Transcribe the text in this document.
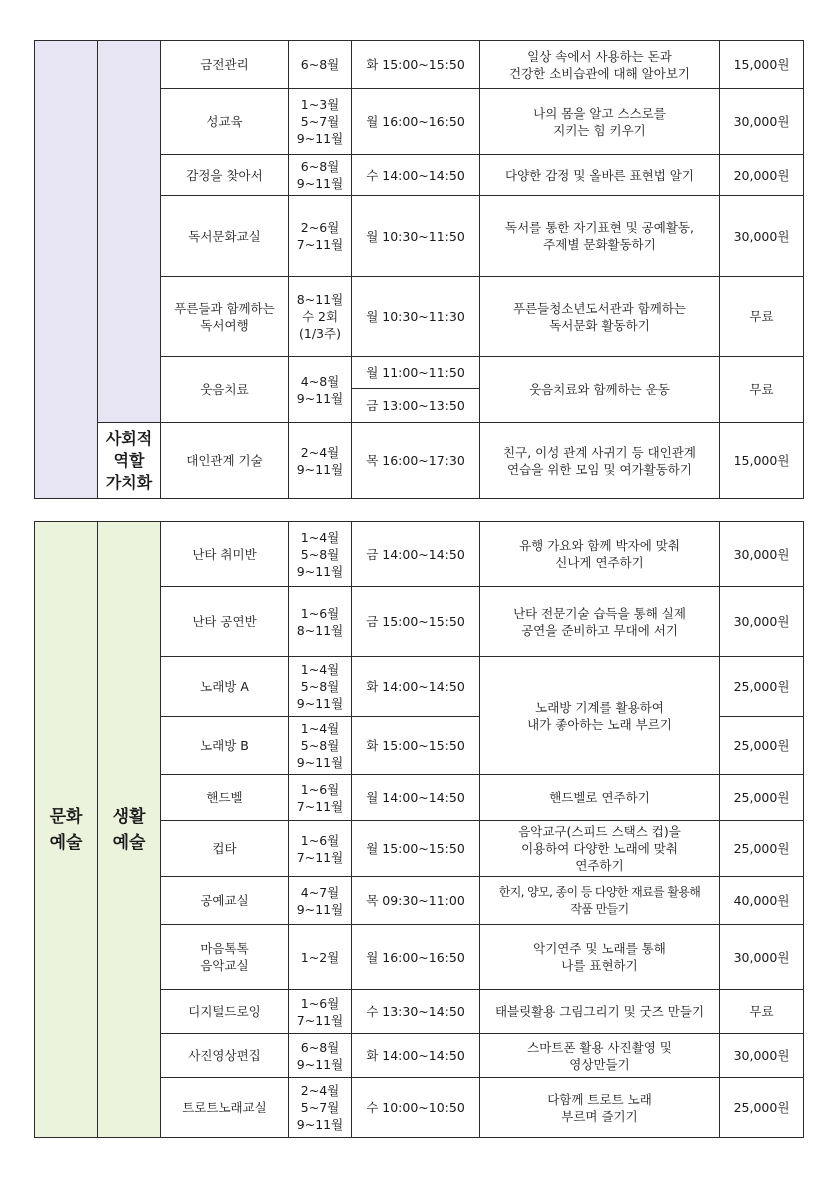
		금전관리	6~8월	화 15:00~15:50	일상 속에서 사용하는 돈과
건강한 소비습관에 대해 알아보기	15,000원
		성교육	1~3월
5~7월
9~11월	월 16:00~16:50	나의 몸을 알고 스스로를
지키는 힘 키우기	30,000원
		감정을 찾아서	6~8월
9~11월	수 14:00~14:50	다양한 감정 및 올바른 표현법 알기	20,000원
		독서문화교실	2~6월
7~11월	월 10:30~11:50	독서를 통한 자기표현 및 공예활동,
주제별 문화활동하기	30,000원
		푸른들과 함께하는
독서여행	8~11월
수 2회
(1/3주)	월 10:30~11:30	푸른들청소년도서관과 함께하는
독서문화 활동하기	무료
		웃음치료	4~8월
9~11월	월 11:00~11:50	웃음치료와 함께하는 운동	무료
				금 13:00~13:50		
	사회적
역할
가치화	대인관계 기술	2~4월
9~11월	목 16:00~17:30	친구, 이성 관계 사귀기 등 대인관계
연습을 위한 모임 및 여가활동하기	15,000원
문화
예술	생활
예술	난타 취미반	1~4월
5~8월
9~11월	금 14:00~14:50	유행 가요와 함께 박자에 맞춰
신나게 연주하기	30,000원
		난타 공연반	1~6월
8~11월	금 15:00~15:50	난타 전문기술 습득을 통해 실제
공연을 준비하고 무대에 서기	30,000원
		노래방 A	1~4월
5~8월
9~11월	화 14:00~14:50	노래방 기계를 활용하여
내가 좋아하는 노래 부르기	25,000원
		노래방 B	1~4월
5~8월
9~11월	화 15:00~15:50		25,000원
		핸드벨	1~6월
7~11월	월 14:00~14:50	핸드벨로 연주하기	25,000원
		컵타	1~6월
7~11월	월 15:00~15:50	음악교구(스피드 스택스 컵)을
이용하여 다양한 노래에 맞춰
연주하기	25,000원
		공예교실	4~7월
9~11월	목 09:30~11:00	한지, 양모, 종이 등 다양한 재료를 활용해
작품 만들기	40,000원
		마음톡톡
음악교실	1~2월	월 16:00~16:50	악기연주 및 노래를 통해
나를 표현하기	30,000원
		디지털드로잉	1~6월
7~11월	수 13:30~14:50	태블릿활용 그림그리기 및 굿즈 만들기	무료
		사진영상편집	6~8월
9~11월	화 14:00~14:50	스마트폰 활용 사진촬영 및
영상만들기	30,000원
		트로트노래교실	2~4월
5~7월
9~11월	수 10:00~10:50	다함께 트로트 노래
부르며 즐기기	25,000원
